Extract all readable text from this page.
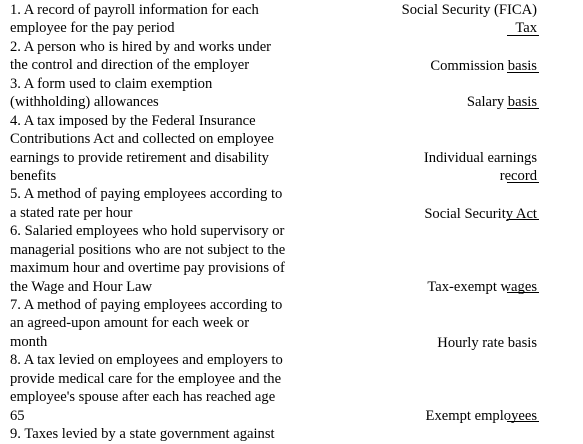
1. A record of payroll information for each
employee for the pay period
2. A person who is hired by and works under
the control and direction of the employer
3. A form used to claim exemption
(withholding) allowances
4. A tax imposed by the Federal Insurance
Contributions Act and collected on employee
earnings to provide retirement and disability
benefits
5. A method of paying employees according to
a stated rate per hour
6. Salaried employees who hold supervisory or
managerial positions who are not subject to the
maximum hour and overtime pay provisions of
the Wage and Hour Law
7. A method of paying employees according to
an agreed-upon amount for each week or
month
8. A tax levied on employees and employers to
provide medical care for the employee and the
employee's spouse after each has reached age
65
9. Taxes levied by a state government against
Social Security (FICA)
Tax
Commission basis
Salary basis
Individual earnings
record
Social Security Act
Tax-exempt wages
Hourly rate basis
Exempt employees
